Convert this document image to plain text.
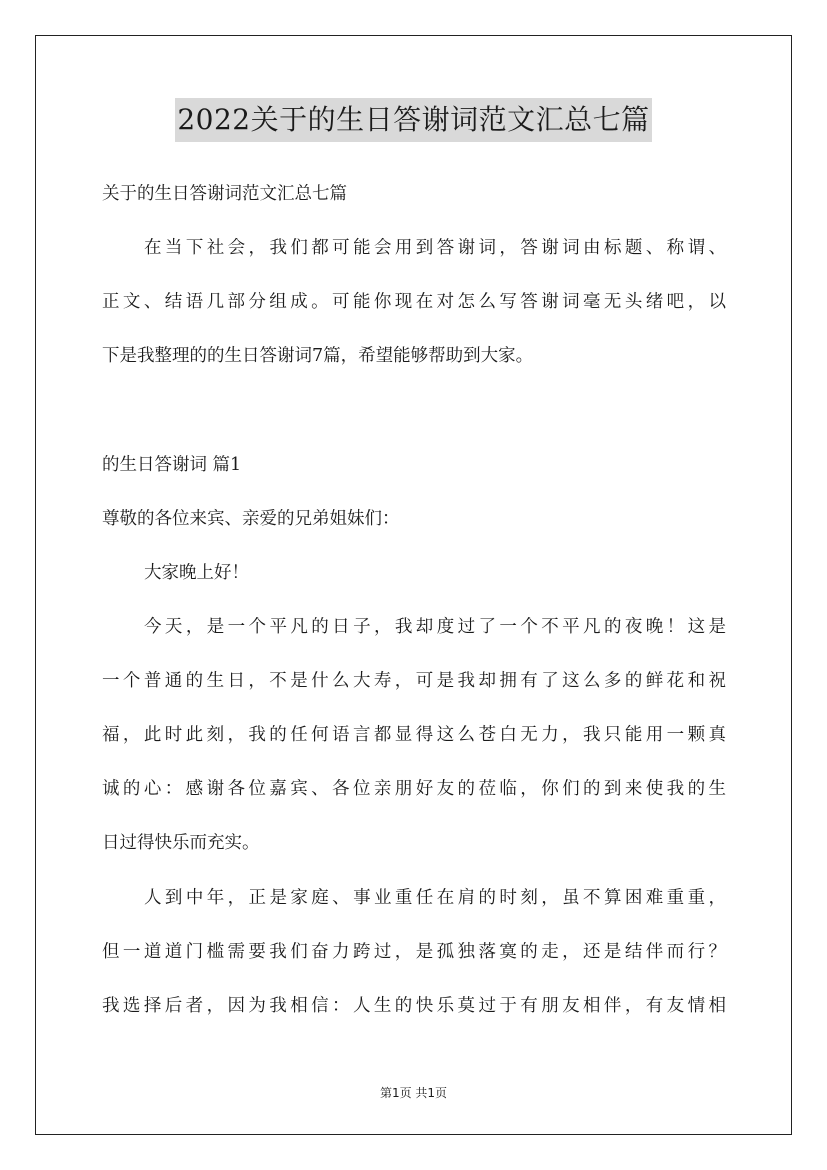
2022关于的生日答谢词范文汇总七篇
关于的生日答谢词范文汇总七篇
在当下社会，我们都可能会用到答谢词，答谢词由标题、称谓、
正文、结语几部分组成。可能你现在对怎么写答谢词毫无头绪吧，以
下是我整理的的生日答谢词7篇，希望能够帮助到大家。
的生日答谢词 篇1
尊敬的各位来宾、亲爱的兄弟姐妹们：
大家晚上好！
今天，是一个平凡的日子，我却度过了一个不平凡的夜晚！这是
一个普通的生日，不是什么大寿，可是我却拥有了这么多的鲜花和祝
福，此时此刻，我的任何语言都显得这么苍白无力，我只能用一颗真
诚的心：感谢各位嘉宾、各位亲朋好友的莅临，你们的到来使我的生
日过得快乐而充实。
人到中年，正是家庭、事业重任在肩的时刻，虽不算困难重重，
但一道道门槛需要我们奋力跨过，是孤独落寞的走，还是结伴而行？
我选择后者，因为我相信：人生的快乐莫过于有朋友相伴，有友情相
第1页 共1页
